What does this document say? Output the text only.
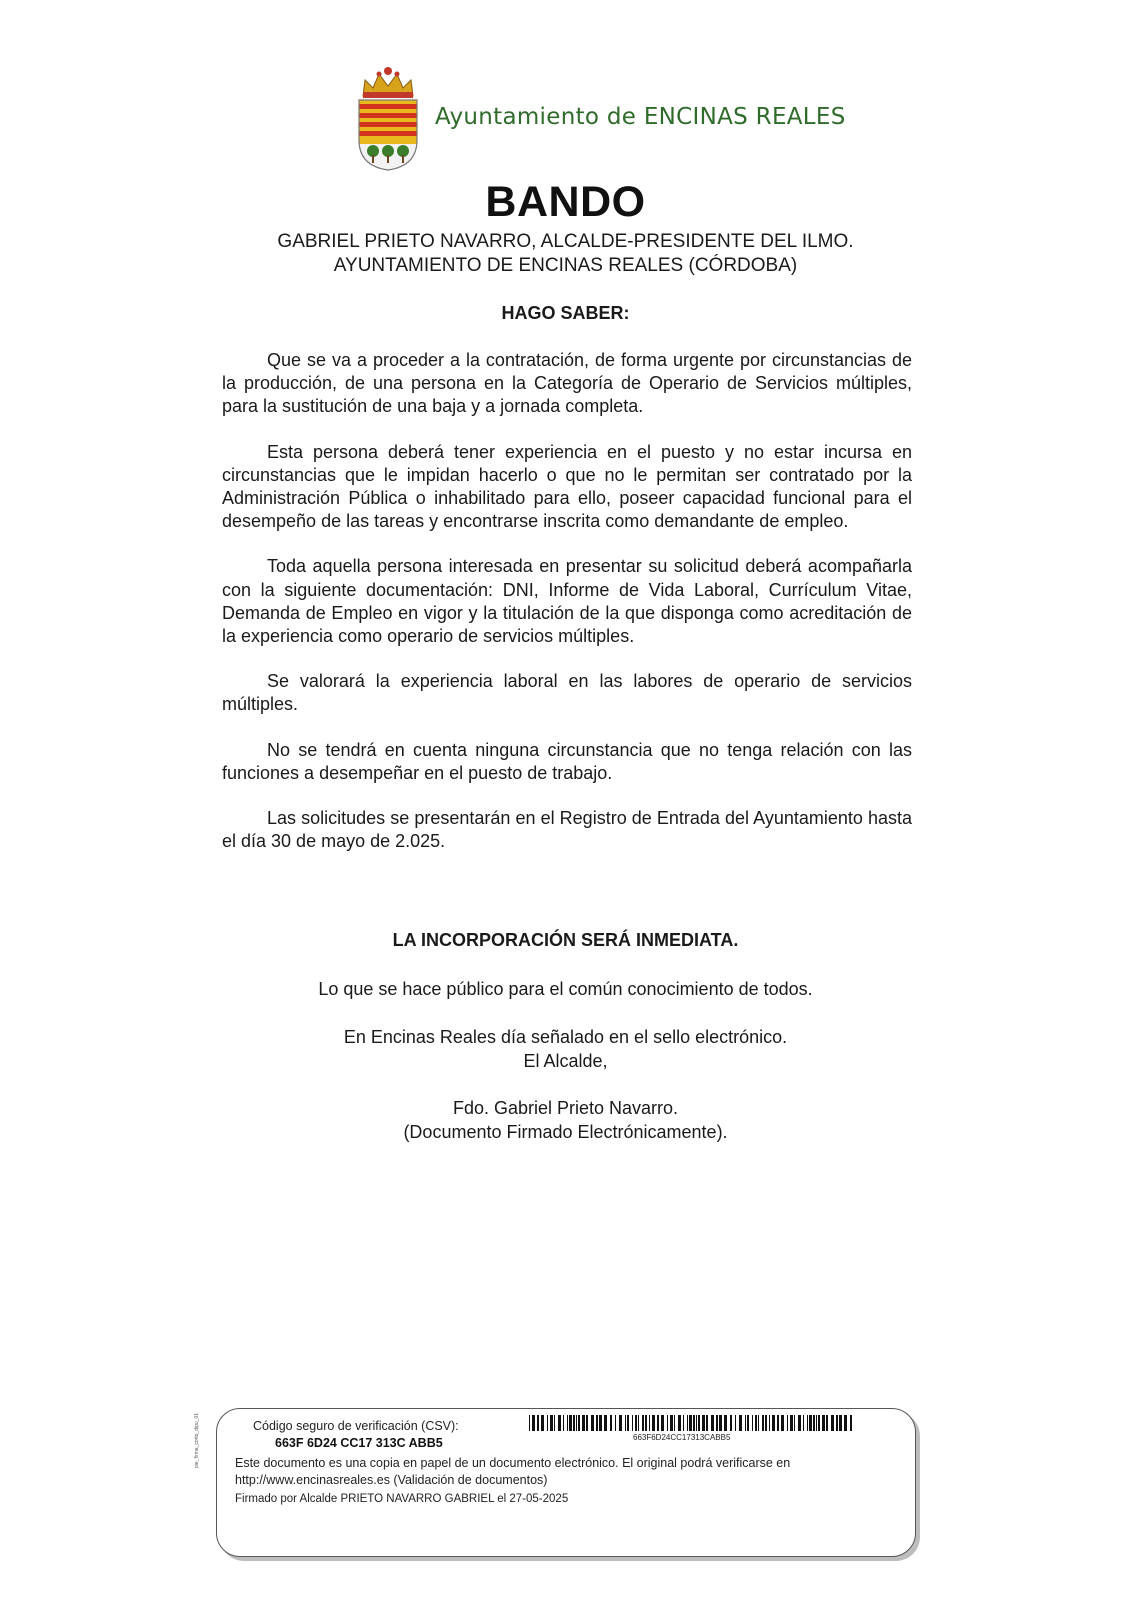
Ayuntamiento de ENCINAS REALES
BANDO
GABRIEL PRIETO NAVARRO, ALCALDE-PRESIDENTE DEL ILMO.
AYUNTAMIENTO DE ENCINAS REALES (CÓRDOBA)
HAGO SABER:

Que se va a proceder a la contratación, de forma urgente por circunstancias de la producción, de una persona en la Categoría de Operario de Servicios múltiples, para la sustitución de una baja y a jornada completa.

Esta persona deberá tener experiencia en el puesto y no estar incursa en circunstancias que le impidan hacerlo o que no le permitan ser contratado por la Administración Pública o inhabilitado para ello, poseer capacidad funcional para el desempeño de las tareas y encontrarse inscrita como demandante de empleo.

Toda aquella persona interesada en presentar su solicitud deberá acompañarla con la siguiente documentación: DNI, Informe de Vida Laboral, Currículum Vitae, Demanda de Empleo en vigor y la titulación de la que disponga como acreditación de la experiencia como operario de servicios múltiples.

Se valorará la experiencia laboral en las labores de operario de servicios múltiples.

No se tendrá en cuenta ninguna circunstancia que no tenga relación con las funciones a desempeñar en el puesto de trabajo.

Las solicitudes se presentarán en el Registro de Entrada del Ayuntamiento hasta el día 30 de mayo de 2.025.

LA INCORPORACIÓN SERÁ INMEDIATA.
Lo que se hace público para el común conocimiento de todos.
En Encinas Reales día señalado en el sello electrónico.
El Alcalde,
Fdo. Gabriel Prieto Navarro.
(Documento Firmado Electrónicamente).
pie_firma_corto_dipu_01	Código seguro de verificación (CSV):
663F 6D24 CC17 313C ABB5	663F6D24CC17313CABB5
Este documento es una copia en papel de un documento electrónico. El original podrá verificarse en
http://www.encinasreales.es (Validación de documentos)
Firmado por Alcalde PRIETO NAVARRO GABRIEL el 27-05-2025
